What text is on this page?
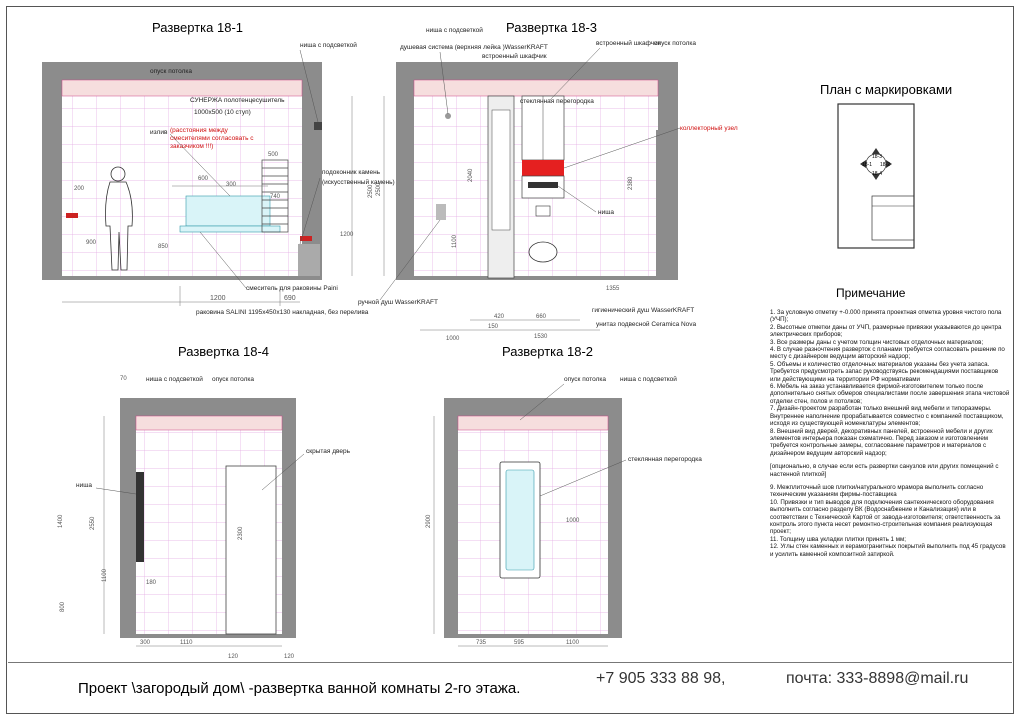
Развертка 18-1	Развертка 18-3
Развертка 18-4	Развертка 18-2
План с маркировками
1200	690
600
300
200
900
850
500
740
1200
2500
опуск потолка
ниша с подсветкой
СУНЕРЖА полотенцесушитель
1000х500 (10 ступ)
излив (расстояния между смесителями согласовать с заказчиком !!!)
подоконник камень
(искусственный камень)
смеситель для раковины Paini
раковина SALINI 1195х450х130 накладная, без перелива
420	660
150
1530
1000
1355
2040
2380
2500
1100
ниша с подсветкой
душевая система (верхняя лейка )WasserKRAFT
встроенный шкафчик
встроенный шкафчик
опуск потолка
стеклянная перегородка
коллекторный узел
ниша
ручной душ WasserKRAFT
гигиенический душ WasserKRAFT
унитаз подвесной Ceramica Nova
18-3
18-1 18-2
18-4
300	1110
120	120
70
1400	2550
1100
800
2300
180
ниша с подсветкой опуск потолка
ниша
скрытая дверь
735	595	1100
1000
2900
опуск потолка ниша с подсветкой
стеклянная перегородка
Примечание

1. За условную отметку +-0.000 принята проектная отметка уровня чистого пола (УЧП);

2. Высотные отметки даны от УЧП, размерные привязки указываются до центра электрических приборов;

3. Все размеры даны с учетом толщин чистовых отделочных материалов;

4. В случае разночтения разверток с планами требуется согласовать решение по месту с дизайнером ведущим авторский надзор;

5. Объемы и количество отделочных материалов указаны без учета запаса. Требуется предусмотреть запас руководствуясь рекомендациями поставщиков или действующими на территории РФ нормативами

6. Мебель на заказ устанавливается фирмой-изготовителем только после дополнительно снятых обмеров специалистами после завершения этапа чистовой отделки стен, полов и потолков;

7. Дизайн-проектом разработан только внешний вид мебели и типоразмеры. Внутреннее наполнение прорабатывается совместно с компанией поставщиком, исходя из существующей номенклатуры элементов;

8. Внешний вид дверей, декоративных панелей, встроенной мебели и других элементов интерьера показан схематично. Перед заказом и изготовлением требуется контрольные замеры, согласование параметров и материалов с дизайнером ведущим авторский надзор;

[опционально, в случае если есть развертки санузлов или других помещений с настенной плиткой]

9. Межплиточный шов плитки/натурального мрамора выполнить согласно техническим указаниям фирмы-поставщика

10. Привязки и тип выводов для подключения сантехнического оборудования выполнить согласно разделу ВК (Водоснабжение и Канализация) или в соответствии с Технической Картой от завода-изготовителя; ответственность за контроль этого пункта несет ремонтно-строительная компания реализующая проект;

11. Толщину шва укладки плитки принять 1 мм;

12. Углы стен каменных и керамогранитных покрытий выполнить под 45 градусов и усилить каменной композитной затиркой.

Проект \загородый дом\ -развертка ванной комнаты 2-го этажа.
+7 905 333 88 98,	почта: 333-8898@mail.ru
